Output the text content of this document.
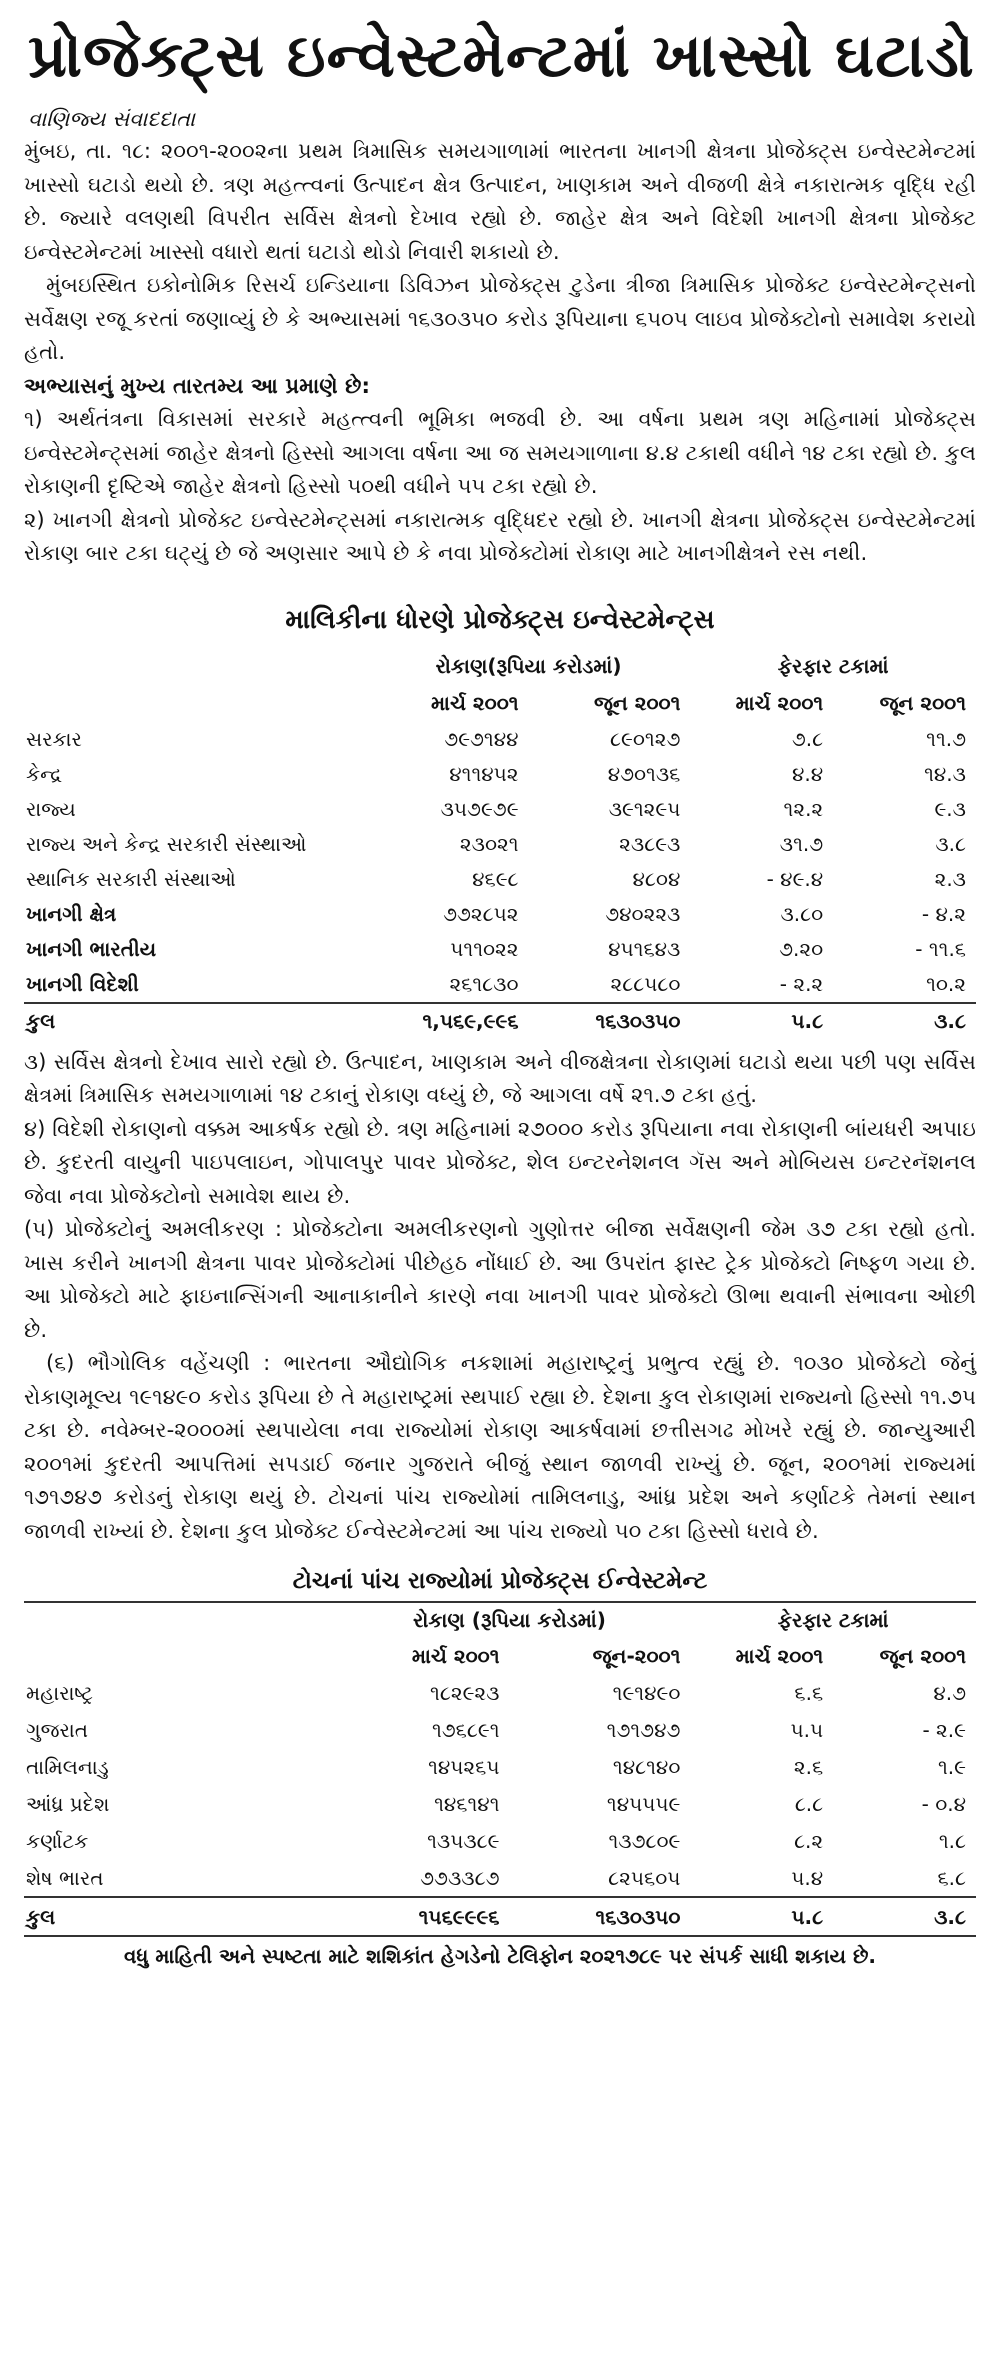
પ્રોજેક્ટ્સ ઇન્વેસ્ટમેન્ટમાં ખાસ્સો ઘટાડો
વાણિજ્ય સંવાદદાતા

મુંબઇ, તા. ૧૮: ૨૦૦૧-૨૦૦૨ના પ્રથમ ત્રિમાસિક સમયગાળામાં ભારતના ખાનગી ક્ષેત્રના પ્રોજેક્ટ્સ ઇન્વેસ્ટમેન્ટમાં ખાસ્સો ઘટાડો થયો છે. ત્રણ મહત્ત્વનાં ઉત્પાદન ક્ષેત્ર ઉત્પાદન, ખાણકામ અને વીજળી ક્ષેત્રે નકારાત્મક વૃદ્ધિ રહી છે. જ્યારે વલણથી વિપરીત સર્વિસ ક્ષેત્રનો દેખાવ રહ્યો છે. જાહેર ક્ષેત્ર અને વિદેશી ખાનગી ક્ષેત્રના પ્રોજેક્ટ ઇન્વેસ્ટમેન્ટમાં ખાસ્સો વધારો થતાં ઘટાડો થોડો નિવારી શકાયો છે.

મુંબઇસ્થિત ઇકોનોમિક રિસર્ચ ઇન્ડિયાના ડિવિઝન પ્રોજેક્ટ્સ ટુડેના ત્રીજા ત્રિમાસિક પ્રોજેક્ટ ઇન્વેસ્ટમેન્ટ્સનો સર્વેક્ષણ રજૂ કરતાં જણાવ્યું છે કે અભ્યાસમાં ૧૬૩૦૩૫૦ કરોડ રૂપિયાના ૬૫૦૫ લાઇવ પ્રોજેક્ટોનો સમાવેશ કરાયો હતો.

અભ્યાસનું મુખ્ય તારતમ્ય આ પ્રમાણે છે:

૧) અર્થતંત્રના વિકાસમાં સરકારે મહત્ત્વની ભૂમિકા ભજવી છે. આ વર્ષના પ્રથમ ત્રણ મહિનામાં પ્રોજેક્ટ્સ ઇન્વેસ્ટમેન્ટ્સમાં જાહેર ક્ષેત્રનો હિસ્સો આગલા વર્ષના આ જ સમયગાળાના ૪.૪ ટકાથી વધીને ૧૪ ટકા રહ્યો છે. કુલ રોકાણની દૃષ્ટિએ જાહેર ક્ષેત્રનો હિસ્સો ૫૦થી વધીને ૫૫ ટકા રહ્યો છે.

૨) ખાનગી ક્ષેત્રનો પ્રોજેક્ટ ઇન્વેસ્ટમેન્ટ્સમાં નકારાત્મક વૃદ્ધિદર રહ્યો છે. ખાનગી ક્ષેત્રના પ્રોજેક્ટ્સ ઇન્વેસ્ટમેન્ટમાં રોકાણ બાર ટકા ઘટ્યું છે જે અણસાર આપે છે કે નવા પ્રોજેક્ટોમાં રોકાણ માટે ખાનગીક્ષેત્રને રસ નથી.

માલિકીના ધોરણે પ્રોજેક્ટ્સ ઇન્વેસ્ટમેન્ટ્સ
	રોકાણ(રૂપિયા કરોડમાં)		ફેરફાર ટકામાં	
	માર્ચ ૨૦૦૧	જૂન ૨૦૦૧	માર્ચ ૨૦૦૧	જૂન ૨૦૦૧
સરકાર	૭૯૭૧૪૪	૮૯૦૧૨૭	૭.૮	૧૧.૭
કેન્દ્ર	૪૧૧૪૫૨	૪૭૦૧૩૬	૪.૪	૧૪.૩
રાજ્ય	૩૫૭૯૭૯	૩૯૧૨૯૫	૧૨.૨	૯.૩
રાજ્ય અને કેન્દ્ર સરકારી સંસ્થાઓ	૨૩૦૨૧	૨૩૮૯૩	૩૧.૭	૩.૮
સ્થાનિક સરકારી સંસ્થાઓ	૪૬૯૮	૪૮૦૪	- ૪૯.૪	૨.૩
ખાનગી ક્ષેત્ર	૭૭૨૮૫૨	૭૪૦૨૨૩	૩.૮૦	- ૪.૨
ખાનગી ભારતીય	૫૧૧૦૨૨	૪૫૧૬૪૩	૭.૨૦	- ૧૧.૬
ખાનગી વિદેશી	૨૬૧૮૩૦	૨૮૮૫૮૦	- ૨.૨	૧૦.૨
કુલ	૧,૫૬૯,૯૯૬	૧૬૩૦૩૫૦	૫.૮	૩.૮

૩) સર્વિસ ક્ષેત્રનો દેખાવ સારો રહ્યો છે. ઉત્પાદન, ખાણકામ અને વીજક્ષેત્રના રોકાણમાં ઘટાડો થયા પછી પણ સર્વિસ ક્ષેત્રમાં ત્રિમાસિક સમયગાળામાં ૧૪ ટકાનું રોકાણ વધ્યું છે, જે આગલા વર્ષે ૨૧.૭ ટકા હતું.

૪) વિદેશી રોકાણનો વક્કમ આકર્ષક રહ્યો છે. ત્રણ મહિનામાં ૨૭૦૦૦ કરોડ રૂપિયાના નવા રોકાણની બાંયધરી અપાઇ છે. કુદરતી વાયુની પાઇપલાઇન, ગોપાલપુર પાવર પ્રોજેક્ટ, શેલ ઇન્ટરનેશનલ ગૅસ અને મોબિયસ ઇન્ટરનૅશનલ જેવા નવા પ્રોજેક્ટોનો સમાવેશ થાય છે.

(૫) પ્રોજેક્ટોનું અમલીકરણ : પ્રોજેક્ટોના અમલીકરણનો ગુણોત્તર બીજા સર્વેક્ષણની જેમ ૩૭ ટકા રહ્યો હતો. ખાસ કરીને ખાનગી ક્ષેત્રના પાવર પ્રોજેક્ટોમાં પીછેહઠ નોંધાઈ છે. આ ઉપરાંત ફાસ્ટ ટ્રેક પ્રોજેક્ટો નિષ્ફળ ગયા છે. આ પ્રોજેક્ટો માટે ફાઇનાન્સિંગની આનાકાનીને કારણે નવા ખાનગી પાવર પ્રોજેક્ટો ઊભા થવાની સંભાવના ઓછી છે.

(૬) ભૌગોલિક વહેંચણી : ભારતના ઔદ્યોગિક નકશામાં મહારાષ્ટ્રનું પ્રભુત્વ રહ્યું છે. ૧૦૩૦ પ્રોજેક્ટો જેનું રોકાણમૂલ્ય ૧૯૧૪૯૦ કરોડ રૂપિયા છે તે મહારાષ્ટ્રમાં સ્થપાઈ રહ્યા છે. દેશના કુલ રોકાણમાં રાજ્યનો હિસ્સો ૧૧.૭૫ ટકા છે. નવેમ્બર-૨૦૦૦માં સ્થપાયેલા નવા રાજ્યોમાં રોકાણ આકર્ષવામાં છત્તીસગઢ મોખરે રહ્યું છે. જાન્યુઆરી ૨૦૦૧માં કુદરતી આપત્તિમાં સપડાઈ જનાર ગુજરાતે બીજું સ્થાન જાળવી રાખ્યું છે. જૂન, ૨૦૦૧માં રાજ્યમાં ૧૭૧૭૪૭ કરોડનું રોકાણ થયું છે. ટોચનાં પાંચ રાજ્યોમાં તામિલનાડુ, આંધ્ર પ્રદેશ અને કર્ણાટકે તેમનાં સ્થાન જાળવી રાખ્યાં છે. દેશના કુલ પ્રોજેક્ટ ઈન્વેસ્ટમેન્ટમાં આ પાંચ રાજ્યો ૫૦ ટકા હિસ્સો ધરાવે છે.

ટોચનાં પાંચ રાજ્યોમાં પ્રોજેક્ટ્સ ઈન્વેસ્ટમેન્ટ
	રોકાણ (રૂપિયા કરોડમાં)		ફેરફાર ટકામાં	
	માર્ચ ૨૦૦૧	જૂન-૨૦૦૧	માર્ચ ૨૦૦૧	જૂન ૨૦૦૧
મહારાષ્ટ્ર	૧૮૨૯૨૩	૧૯૧૪૯૦	૬.૬	૪.૭
ગુજરાત	૧૭૬૮૯૧	૧૭૧૭૪૭	૫.૫	- ૨.૯
તામિલનાડુ	૧૪૫૨૬૫	૧૪૮૧૪૦	૨.૬	૧.૯
આંધ્ર પ્રદેશ	૧૪૬૧૪૧	૧૪૫૫૫૯	૮.૮	- ૦.૪
કર્ણાટક	૧૩૫૩૮૯	૧૩૭૮૦૯	૮.૨	૧.૮
શેષ ભારત	૭૭૩૩૮૭	૮૨૫૬૦૫	૫.૪	૬.૮
કુલ	૧૫૬૯૯૯૬	૧૬૩૦૩૫૦	૫.૮	૩.૮
વધુ માહિતી અને સ્પષ્ટતા માટે શશિકાંત હેગડેનો ટેલિફોન ૨૦૨૧૭૮૯ પર સંપર્ક સાધી શકાય છે.
